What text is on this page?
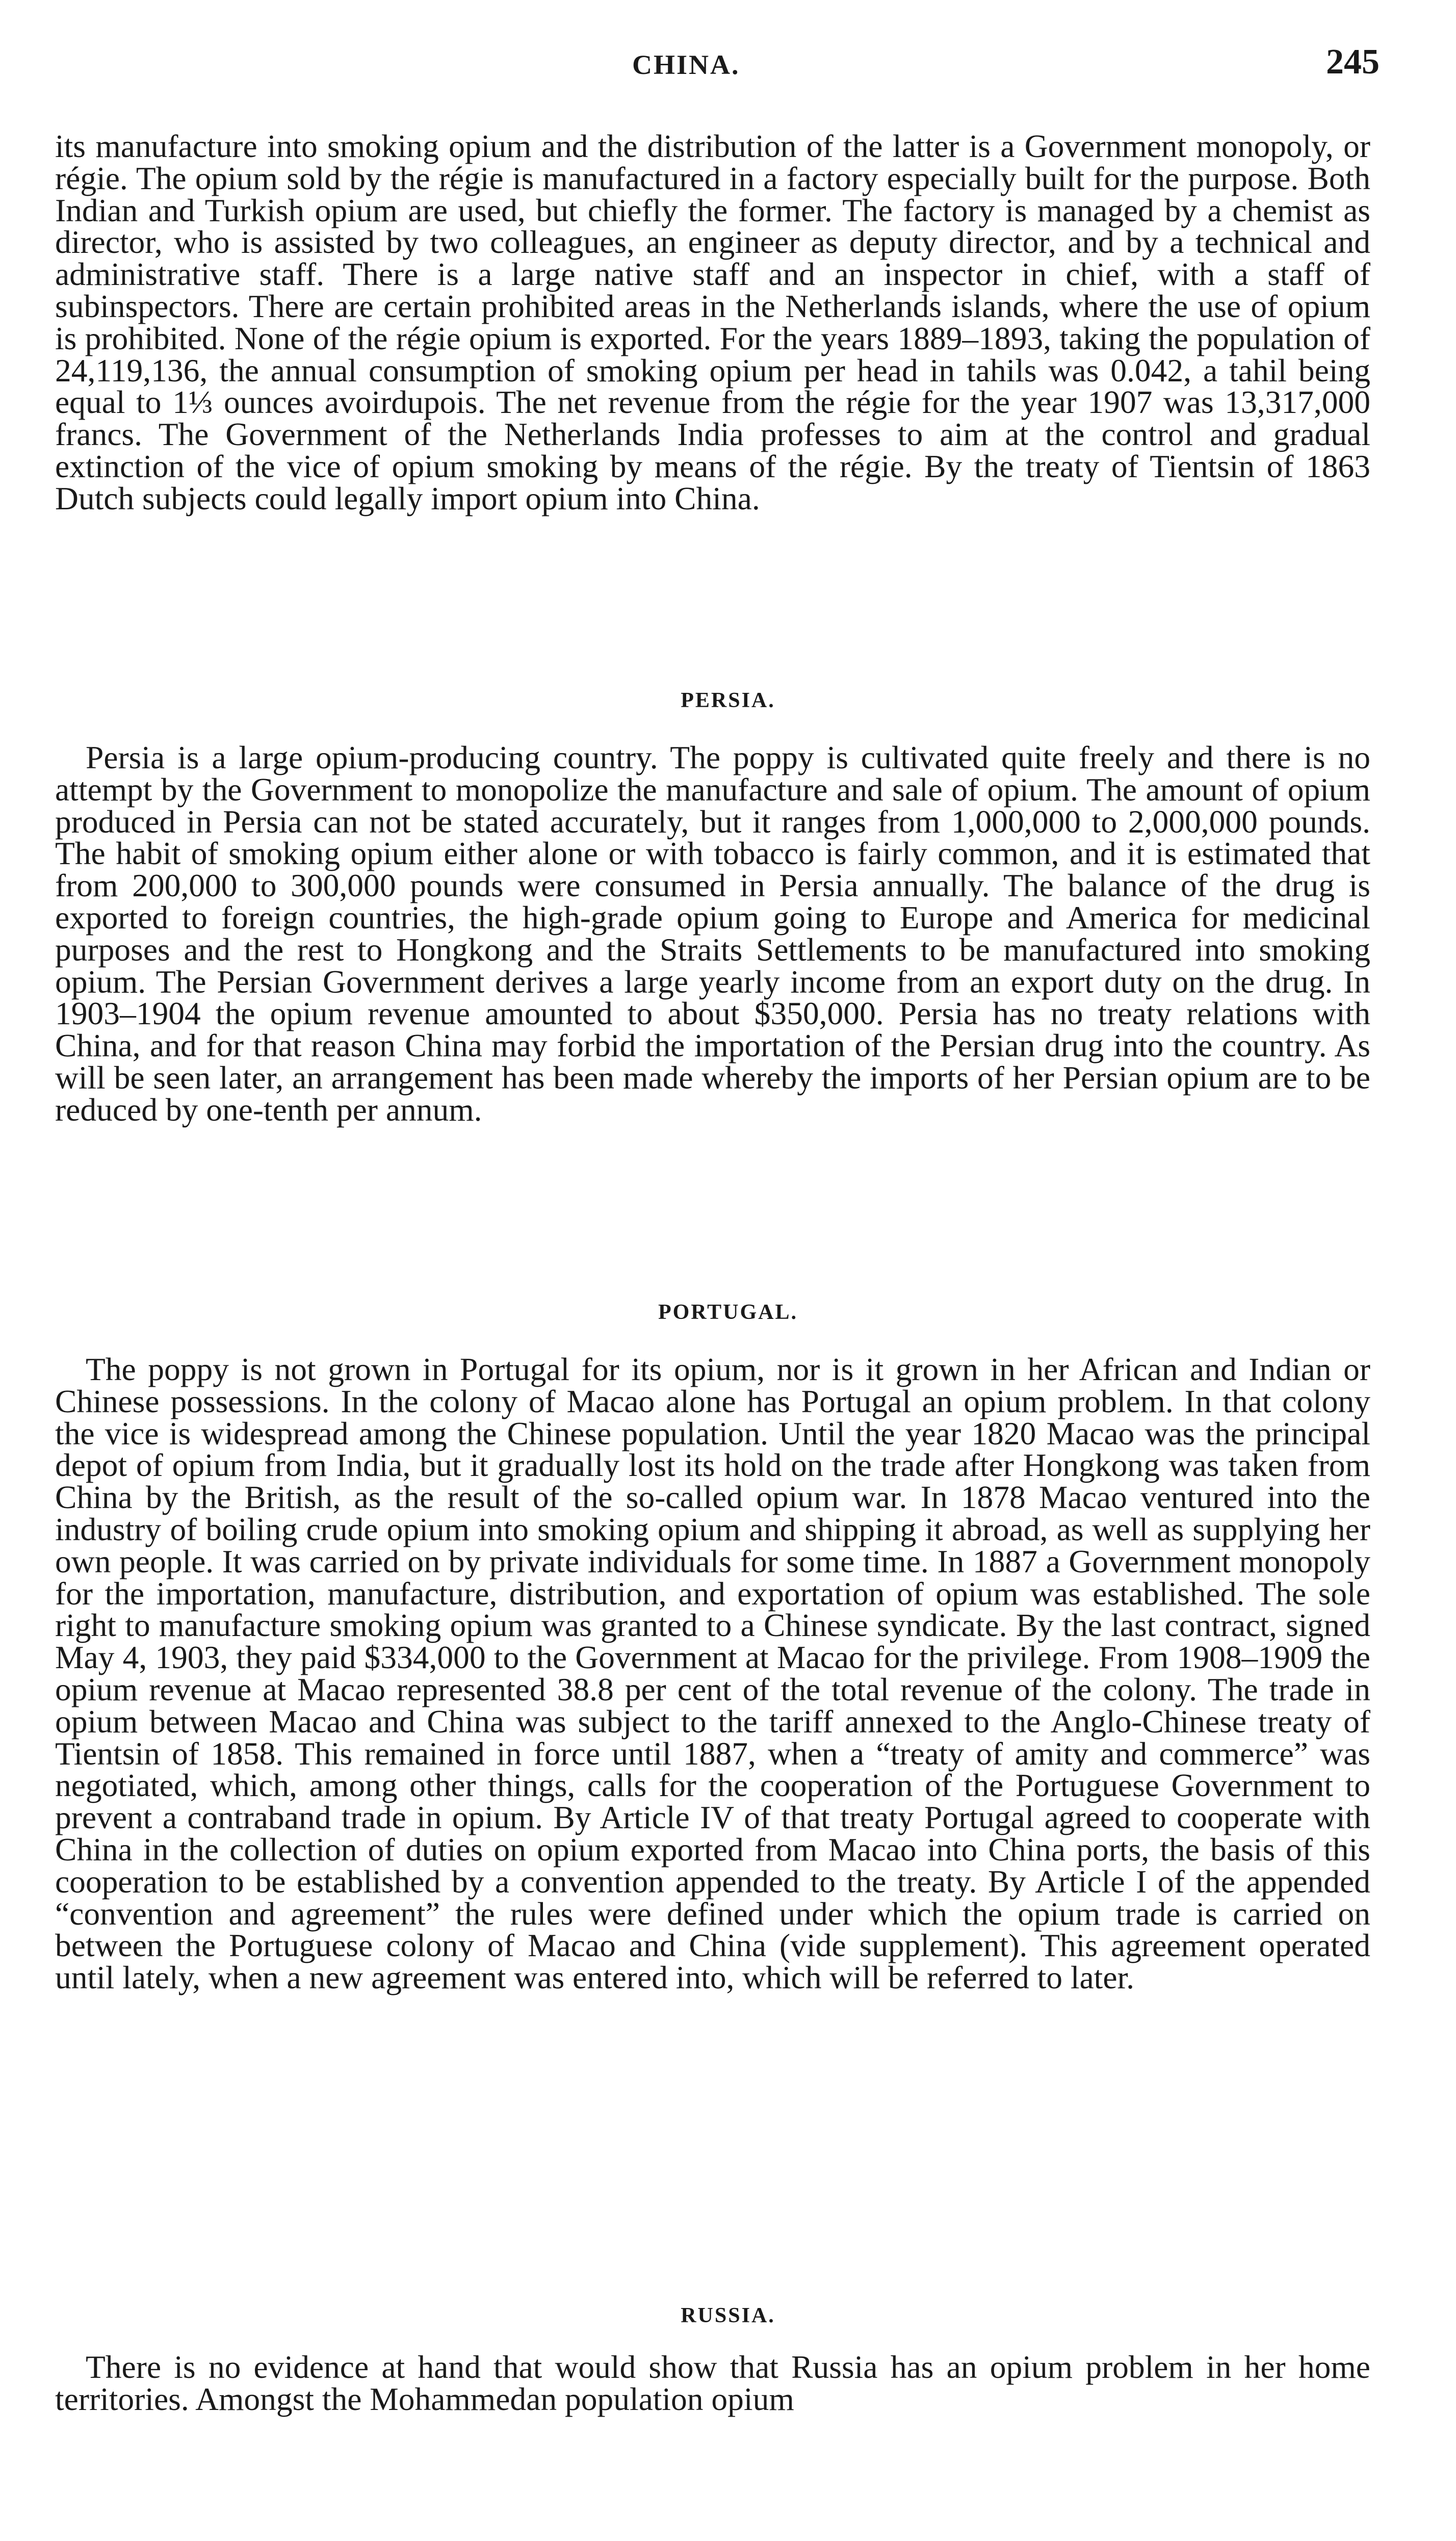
CHINA.	245

its manufacture into smoking opium and the distribution of the latter is a Government monopoly, or régie. The opium sold by the régie is manufactured in a factory especially built for the purpose. Both Indian and Turkish opium are used, but chiefly the former. The factory is managed by a chemist as director, who is assisted by two colleagues, an engineer as deputy director, and by a technical and administrative staff. There is a large native staff and an inspector in chief, with a staff of subinspectors. There are certain prohibited areas in the Netherlands islands, where the use of opium is prohibited. None of the régie opium is exported. For the years 1889–1893, taking the population of 24,119,136, the annual consumption of smoking opium per head in tahils was 0.042, a tahil being equal to 1⅓ ounces avoirdupois. The net revenue from the régie for the year 1907 was 13,317,000 francs. The Government of the Netherlands India professes to aim at the control and gradual extinction of the vice of opium smoking by means of the régie. By the treaty of Tientsin of 1863 Dutch subjects could legally import opium into China.

PERSIA.

Persia is a large opium-producing country. The poppy is cultivated quite freely and there is no attempt by the Government to monopolize the manufacture and sale of opium. The amount of opium produced in Persia can not be stated accurately, but it ranges from 1,000,000 to 2,000,000 pounds. The habit of smoking opium either alone or with tobacco is fairly common, and it is estimated that from 200,000 to 300,000 pounds were consumed in Persia annually. The balance of the drug is exported to foreign countries, the high-grade opium going to Europe and America for medicinal purposes and the rest to Hongkong and the Straits Settlements to be manufactured into smoking opium. The Persian Government derives a large yearly income from an export duty on the drug. In 1903–1904 the opium revenue amounted to about $350,000. Persia has no treaty relations with China, and for that reason China may forbid the importation of the Persian drug into the country. As will be seen later, an arrangement has been made whereby the imports of her Persian opium are to be reduced by one-tenth per annum.

PORTUGAL.

The poppy is not grown in Portugal for its opium, nor is it grown in her African and Indian or Chinese possessions. In the colony of Macao alone has Portugal an opium problem. In that colony the vice is widespread among the Chinese population. Until the year 1820 Macao was the principal depot of opium from India, but it gradually lost its hold on the trade after Hongkong was taken from China by the British, as the result of the so-called opium war. In 1878 Macao ventured into the industry of boiling crude opium into smoking opium and shipping it abroad, as well as supplying her own people. It was carried on by private individuals for some time. In 1887 a Government monopoly for the importation, manufacture, distribution, and exportation of opium was established. The sole right to manufacture smoking opium was granted to a Chinese syndicate. By the last contract, signed May 4, 1903, they paid $334,000 to the Government at Macao for the privilege. From 1908–1909 the opium revenue at Macao represented 38.8 per cent of the total revenue of the colony. The trade in opium between Macao and China was subject to the tariff annexed to the Anglo-Chinese treaty of Tientsin of 1858. This remained in force until 1887, when a “treaty of amity and commerce” was negotiated, which, among other things, calls for the cooperation of the Portuguese Government to prevent a contraband trade in opium. By Article IV of that treaty Portugal agreed to cooperate with China in the collection of duties on opium exported from Macao into China ports, the basis of this cooperation to be established by a convention appended to the treaty. By Article I of the appended “convention and agreement” the rules were defined under which the opium trade is carried on between the Portuguese colony of Macao and China (vide supplement). This agreement operated until lately, when a new agreement was entered into, which will be referred to later.

RUSSIA.

There is no evidence at hand that would show that Russia has an opium problem in her home territories. Amongst the Mohammedan population opium
